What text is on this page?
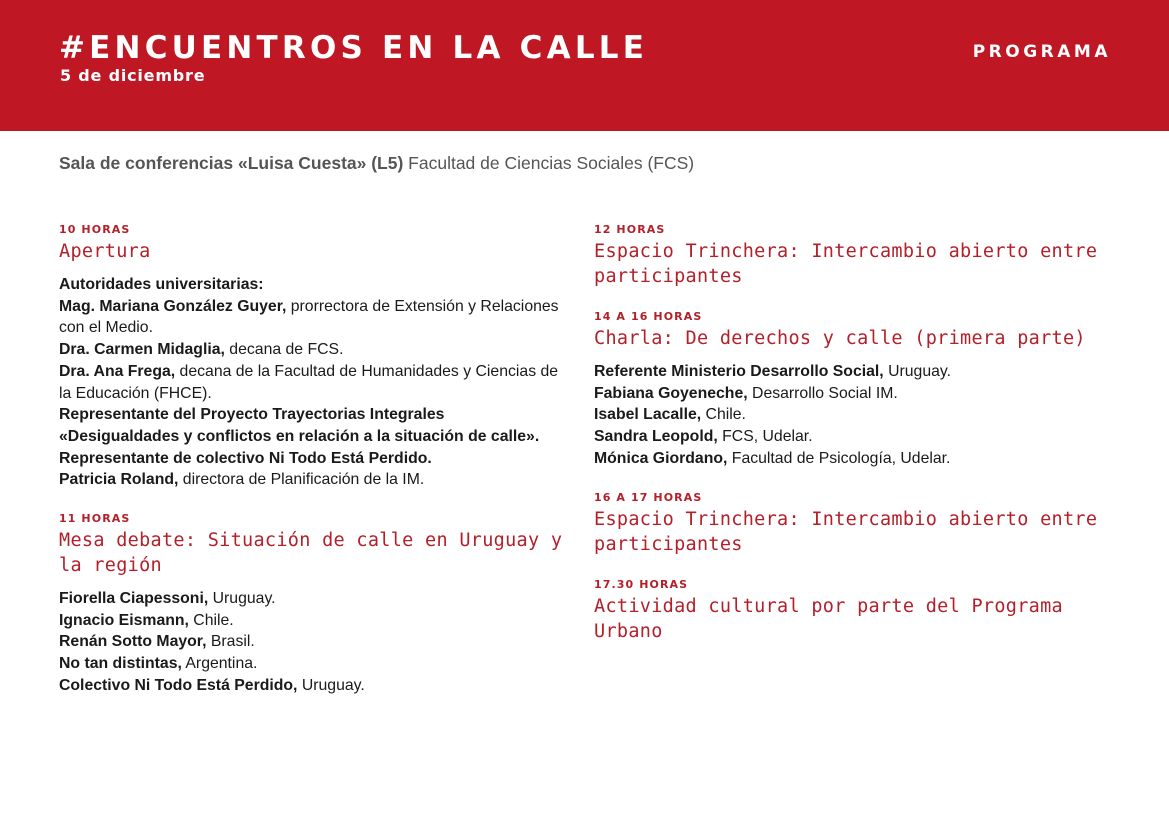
#ENCUENTROS EN LA CALLE
5 de diciembre
PROGRAMA
Sala de conferencias «Luisa Cuesta» (L5) Facultad de Ciencias Sociales (FCS)
10 HORAS
Apertura
Autoridades universitarias:
Mag. Mariana González Guyer, prorrectora de Extensión y Relaciones con el Medio.
Dra. Carmen Midaglia, decana de FCS.
Dra. Ana Frega, decana de la Facultad de Humanidades y Ciencias de la Educación (FHCE).
Representante del Proyecto Trayectorias Integrales «Desigualdades y conflictos en relación a la situación de calle».
Representante de colectivo Ni Todo Está Perdido.
Patricia Roland, directora de Planificación de la IM.
11 HORAS
Mesa debate: Situación de calle en Uruguay y la región
Fiorella Ciapessoni, Uruguay.
Ignacio Eismann, Chile.
Renán Sotto Mayor, Brasil.
No tan distintas, Argentina.
Colectivo Ni Todo Está Perdido, Uruguay.
12 HORAS
Espacio Trinchera: Intercambio abierto entre participantes
14 A 16 HORAS
Charla: De derechos y calle (primera parte)
Referente Ministerio Desarrollo Social, Uruguay.
Fabiana Goyeneche, Desarrollo Social IM.
Isabel Lacalle, Chile.
Sandra Leopold, FCS, Udelar.
Mónica Giordano, Facultad de Psicología, Udelar.
16 A 17 HORAS
Espacio Trinchera: Intercambio abierto entre participantes
17.30 HORAS
Actividad cultural por parte del Programa Urbano
